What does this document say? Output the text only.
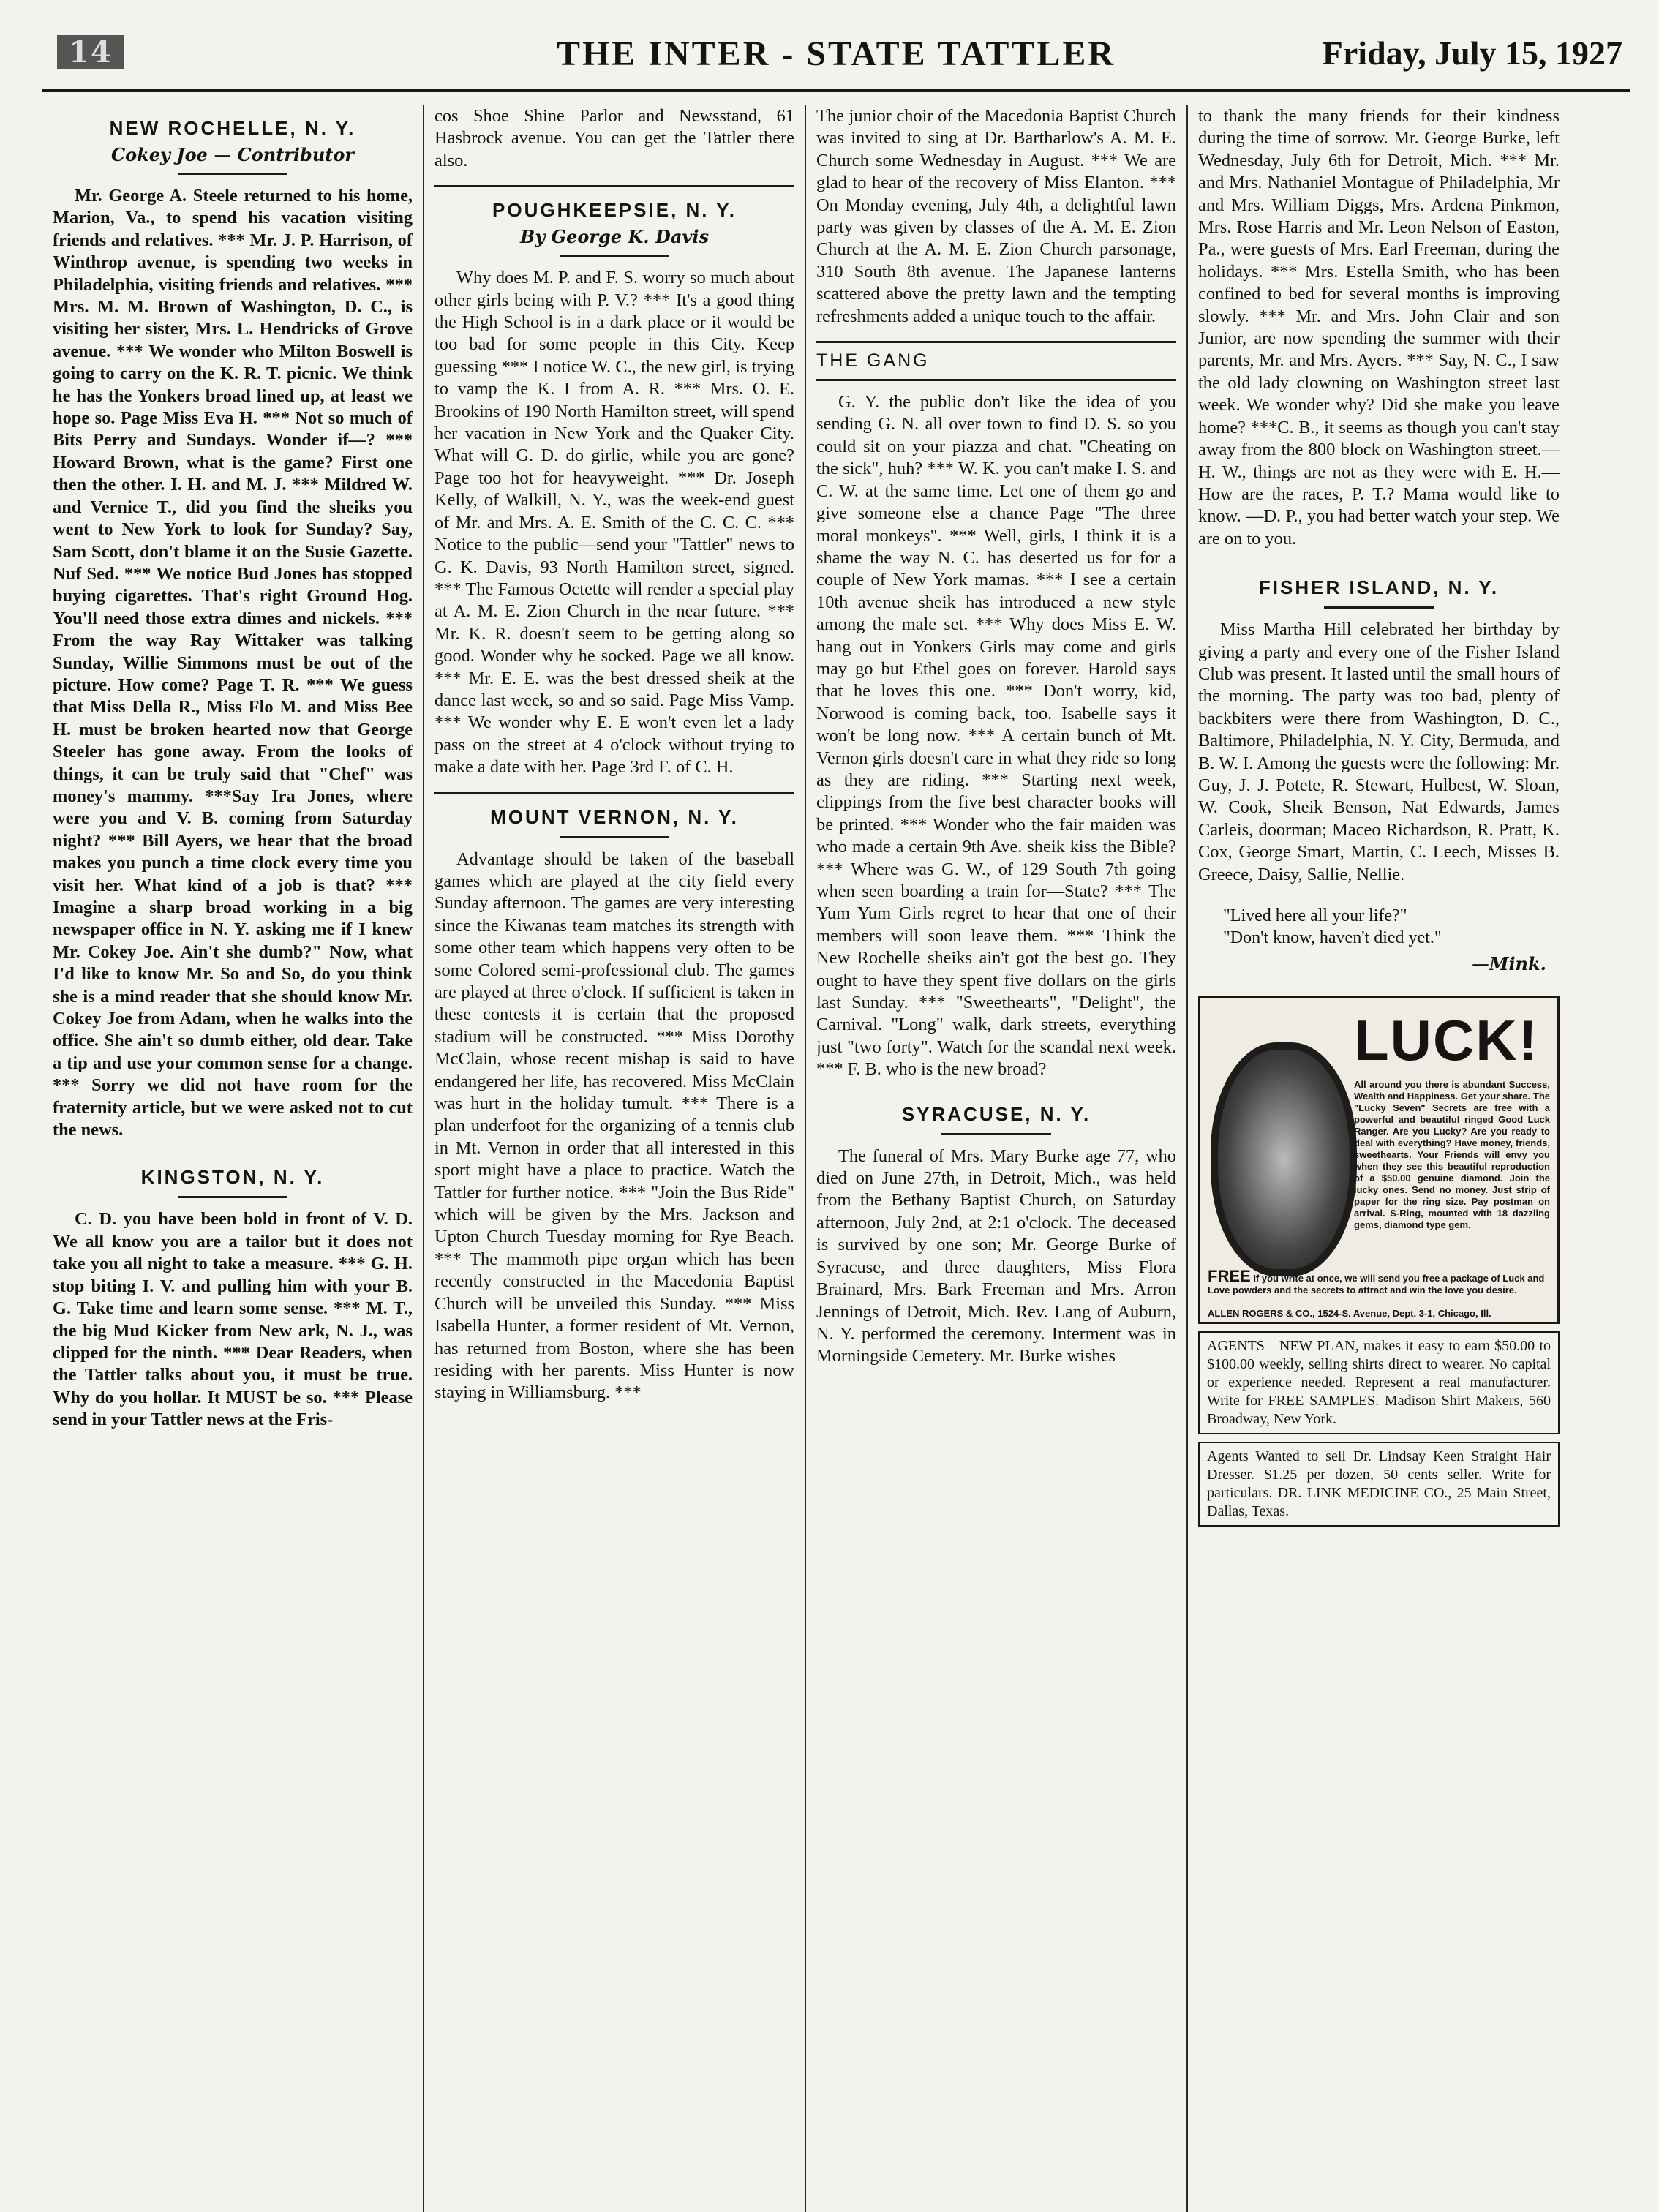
14	THE INTER - STATE TATTLER	Friday, July 15, 1927
NEW ROCHELLE, N. Y.
Cokey Joe — Contributor

Mr. George A. Steele returned to his home, Marion, Va., to spend his vacation visiting friends and relatives. *** Mr. J. P. Harrison, of Winthrop avenue, is spending two weeks in Philadelphia, visiting friends and relatives. *** Mrs. M. M. Brown of Washington, D. C., is visiting her sister, Mrs. L. Hendricks of Grove avenue. *** We wonder who Milton Boswell is going to carry on the K. R. T. picnic. We think he has the Yonkers broad lined up, at least we hope so. Page Miss Eva H. *** Not so much of Bits Perry and Sundays. Wonder if—? *** Howard Brown, what is the game? First one then the other. I. H. and M. J. *** Mildred W. and Vernice T., did you find the sheiks you went to New York to look for Sunday? Say, Sam Scott, don't blame it on the Susie Gazette. Nuf Sed. *** We notice Bud Jones has stopped buying cigarettes. That's right Ground Hog. You'll need those extra dimes and nickels. *** From the way Ray Wittaker was talking Sunday, Willie Simmons must be out of the picture. How come? Page T. R. *** We guess that Miss Della R., Miss Flo M. and Miss Bee H. must be broken hearted now that George Steeler has gone away. From the looks of things, it can be truly said that "Chef" was money's mammy. ***Say Ira Jones, where were you and V. B. coming from Saturday night? *** Bill Ayers, we hear that the broad makes you punch a time clock every time you visit her. What kind of a job is that? *** Imagine a sharp broad working in a big newspaper office in N. Y. asking me if I knew Mr. Cokey Joe. Ain't she dumb?" Now, what I'd like to know Mr. So and So, do you think she is a mind reader that she should know Mr. Cokey Joe from Adam, when he walks into the office. She ain't so dumb either, old dear. Take a tip and use your common sense for a change. *** Sorry we did not have room for the fraternity article, but we were asked not to cut the news.

KINGSTON, N. Y.

C. D. you have been bold in front of V. D. We all know you are a tailor but it does not take you all night to take a measure. *** G. H. stop biting I. V. and pulling him with your B. G. Take time and learn some sense. *** M. T., the big Mud Kicker from New ark, N. J., was clipped for the ninth. *** Dear Readers, when the Tattler talks about you, it must be true. Why do you hollar. It MUST be so. *** Please send in your Tattler news at the Fris-

cos Shoe Shine Parlor and Newsstand, 61 Hasbrock avenue. You can get the Tattler there also.

POUGHKEEPSIE, N. Y.
By George K. Davis

Why does M. P. and F. S. worry so much about other girls being with P. V.? *** It's a good thing the High School is in a dark place or it would be too bad for some people in this City. Keep guessing *** I notice W. C., the new girl, is trying to vamp the K. I from A. R. *** Mrs. O. E. Brookins of 190 North Hamilton street, will spend her vacation in New York and the Quaker City. What will G. D. do girlie, while you are gone? Page too hot for heavyweight. *** Dr. Joseph Kelly, of Walkill, N. Y., was the week-end guest of Mr. and Mrs. A. E. Smith of the C. C. C. *** Notice to the public—send your "Tattler" news to G. K. Davis, 93 North Hamilton street, signed. *** The Famous Octette will render a special play at A. M. E. Zion Church in the near future. *** Mr. K. R. doesn't seem to be getting along so good. Wonder why he socked. Page we all know. *** Mr. E. E. was the best dressed sheik at the dance last week, so and so said. Page Miss Vamp. *** We wonder why E. E won't even let a lady pass on the street at 4 o'clock without trying to make a date with her. Page 3rd F. of C. H.

MOUNT VERNON, N. Y.

Advantage should be taken of the baseball games which are played at the city field every Sunday afternoon. The games are very interesting since the Kiwanas team matches its strength with some other team which happens very often to be some Colored semi-professional club. The games are played at three o'clock. If sufficient is taken in these contests it is certain that the proposed stadium will be constructed. *** Miss Dorothy McClain, whose recent mishap is said to have endangered her life, has recovered. Miss McClain was hurt in the holiday tumult. *** There is a plan underfoot for the organizing of a tennis club in Mt. Vernon in order that all interested in this sport might have a place to practice. Watch the Tattler for further notice. *** "Join the Bus Ride" which will be given by the Mrs. Jackson and Upton Church Tuesday morning for Rye Beach. *** The mammoth pipe organ which has been recently constructed in the Macedonia Baptist Church will be unveiled this Sunday. *** Miss Isabella Hunter, a former resident of Mt. Vernon, has returned from Boston, where she has been residing with her parents. Miss Hunter is now staying in Williamsburg. ***

The junior choir of the Macedonia Baptist Church was invited to sing at Dr. Bartharlow's A. M. E. Church some Wednesday in August. *** We are glad to hear of the recovery of Miss Elanton. *** On Monday evening, July 4th, a delightful lawn party was given by classes of the A. M. E. Zion Church at the A. M. E. Zion Church parsonage, 310 South 8th avenue. The Japanese lanterns scattered above the pretty lawn and the tempting refreshments added a unique touch to the affair.

THE GANG

G. Y. the public don't like the idea of you sending G. N. all over town to find D. S. so you could sit on your piazza and chat. "Cheating on the sick", huh? *** W. K. you can't make I. S. and C. W. at the same time. Let one of them go and give someone else a chance Page "The three moral monkeys". *** Well, girls, I think it is a shame the way N. C. has deserted us for for a couple of New York mamas. *** I see a certain 10th avenue sheik has introduced a new style among the male set. *** Why does Miss E. W. hang out in Yonkers Girls may come and girls may go but Ethel goes on forever. Harold says that he loves this one. *** Don't worry, kid, Norwood is coming back, too. Isabelle says it won't be long now. *** A certain bunch of Mt. Vernon girls doesn't care in what they ride so long as they are riding. *** Starting next week, clippings from the five best character books will be printed. *** Wonder who the fair maiden was who made a certain 9th Ave. sheik kiss the Bible? *** Where was G. W., of 129 South 7th going when seen boarding a train for—State? *** The Yum Yum Girls regret to hear that one of their members will soon leave them. *** Think the New Rochelle sheiks ain't got the best go. They ought to have they spent five dollars on the girls last Sunday. *** "Sweethearts", "Delight", the Carnival. "Long" walk, dark streets, everything just "two forty". Watch for the scandal next week. *** F. B. who is the new broad?

SYRACUSE, N. Y.

The funeral of Mrs. Mary Burke age 77, who died on June 27th, in Detroit, Mich., was held from the Bethany Baptist Church, on Saturday afternoon, July 2nd, at 2:1 o'clock. The deceased is survived by one son; Mr. George Burke of Syracuse, and three daughters, Miss Flora Brainard, Mrs. Bark Freeman and Mrs. Arron Jennings of Detroit, Mich. Rev. Lang of Auburn, N. Y. performed the ceremony. Interment was in Morningside Cemetery. Mr. Burke wishes

to thank the many friends for their kindness during the time of sorrow. Mr. George Burke, left Wednesday, July 6th for Detroit, Mich. *** Mr. and Mrs. Nathaniel Montague of Philadelphia, Mr and Mrs. William Diggs, Mrs. Ardena Pinkmon, Mrs. Rose Harris and Mr. Leon Nelson of Easton, Pa., were guests of Mrs. Earl Freeman, during the holidays. *** Mrs. Estella Smith, who has been confined to bed for several months is improving slowly. *** Mr. and Mrs. John Clair and son Junior, are now spending the summer with their parents, Mr. and Mrs. Ayers. *** Say, N. C., I saw the old lady clowning on Washington street last week. We wonder why? Did she make you leave home? ***C. B., it seems as though you can't stay away from the 800 block on Washington street.—H. W., things are not as they were with E. H.—How are the races, P. T.? Mama would like to know. —D. P., you had better watch your step. We are on to you.

FISHER ISLAND, N. Y.

Miss Martha Hill celebrated her birthday by giving a party and every one of the Fisher Island Club was present. It lasted until the small hours of the morning. The party was too bad, plenty of backbiters were there from Washington, D. C., Baltimore, Philadelphia, N. Y. City, Bermuda, and B. W. I. Among the guests were the following: Mr. Guy, J. J. Potete, R. Stewart, Hulbest, W. Sloan, W. Cook, Sheik Benson, Nat Edwards, James Carleis, doorman; Maceo Richardson, R. Pratt, K. Cox, George Smart, Martin, C. Leech, Misses B. Greece, Daisy, Sallie, Nellie.

"Lived here all your life?"
"Don't know, haven't died yet."
—Mink.
LUCK!
All around you there is abundant Success, Wealth and Happiness. Get your share. The "Lucky Seven" Secrets are free with a powerful and beautiful ringed Good Luck Ranger. Are you Lucky? Are you ready to deal with everything? Have money, friends, sweethearts. Your Friends will envy you when they see this beautiful reproduction of a $50.00 genuine diamond. Join the lucky ones. Send no money. Just strip of paper for the ring size. Pay postman on arrival. S-Ring, mounted with 18 dazzling gems, diamond type gem.
FREE If you write at once, we will send you free a package of Luck and Love powders and the secrets to attract and win the love you desire.
ALLEN ROGERS & CO., 1524-S. Avenue, Dept. 3-1, Chicago, Ill.
AGENTS—NEW PLAN, makes it easy to earn $50.00 to $100.00 weekly, selling shirts direct to wearer. No capital or experience needed. Represent a real manufacturer. Write for FREE SAMPLES. Madison Shirt Makers, 560 Broadway, New York.
Agents Wanted to sell Dr. Lindsay Keen Straight Hair Dresser. $1.25 per dozen, 50 cents seller. Write for particulars. DR. LINK MEDICINE CO., 25 Main Street, Dallas, Texas.
